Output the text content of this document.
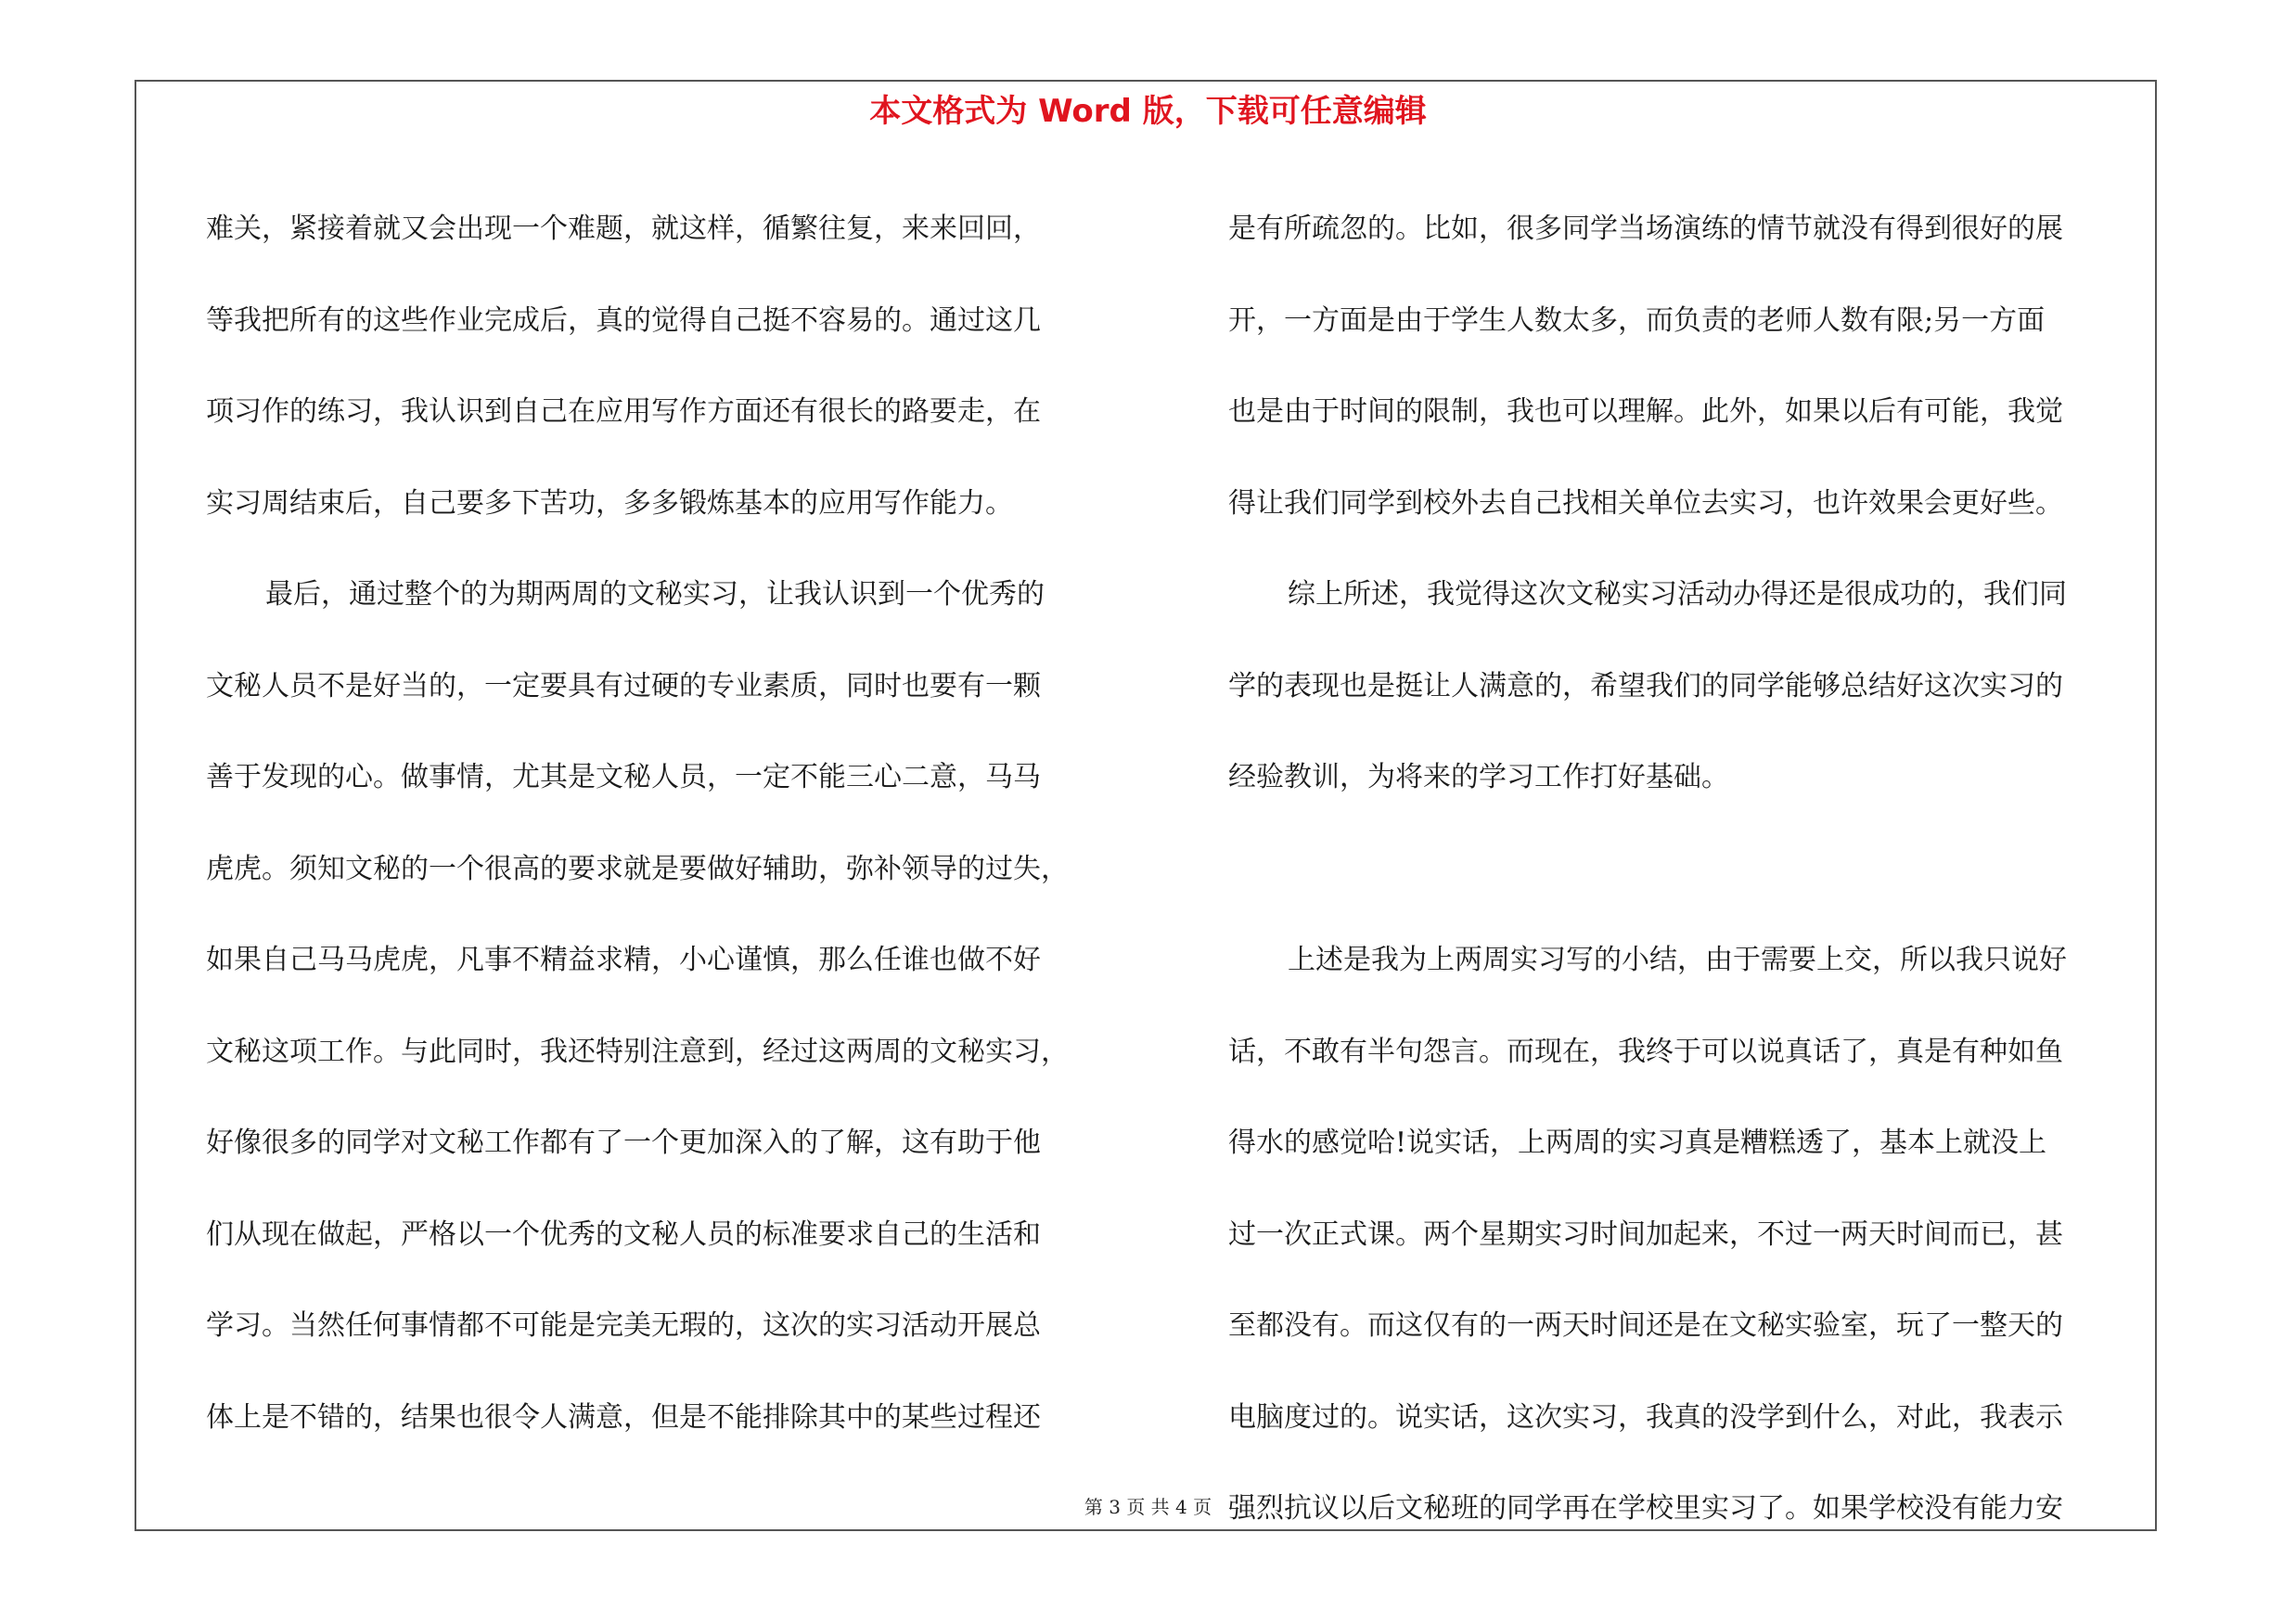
本文格式为 Word 版，下载可任意编辑
难关，紧接着就又会出现一个难题，就这样，循繁往复，来来回回，
等我把所有的这些作业完成后，真的觉得自己挺不容易的。通过这几
项习作的练习，我认识到自己在应用写作方面还有很长的路要走，在
实习周结束后，自己要多下苦功，多多锻炼基本的应用写作能力。
最后，通过整个的为期两周的文秘实习，让我认识到一个优秀的
文秘人员不是好当的，一定要具有过硬的专业素质，同时也要有一颗
善于发现的心。做事情，尤其是文秘人员，一定不能三心二意，马马
虎虎。须知文秘的一个很高的要求就是要做好辅助，弥补领导的过失，
如果自己马马虎虎，凡事不精益求精，小心谨慎，那么任谁也做不好
文秘这项工作。与此同时，我还特别注意到，经过这两周的文秘实习，
好像很多的同学对文秘工作都有了一个更加深入的了解，这有助于他
们从现在做起，严格以一个优秀的文秘人员的标准要求自己的生活和
学习。当然任何事情都不可能是完美无瑕的，这次的实习活动开展总
体上是不错的，结果也很令人满意，但是不能排除其中的某些过程还
是有所疏忽的。比如，很多同学当场演练的情节就没有得到很好的展
开，一方面是由于学生人数太多，而负责的老师人数有限;另一方面
也是由于时间的限制，我也可以理解。此外，如果以后有可能，我觉
得让我们同学到校外去自己找相关单位去实习，也许效果会更好些。
综上所述，我觉得这次文秘实习活动办得还是很成功的，我们同
学的表现也是挺让人满意的，希望我们的同学能够总结好这次实习的
经验教训，为将来的学习工作打好基础。
上述是我为上两周实习写的小结，由于需要上交，所以我只说好
话，不敢有半句怨言。而现在，我终于可以说真话了，真是有种如鱼
得水的感觉哈!说实话，上两周的实习真是糟糕透了，基本上就没上
过一次正式课。两个星期实习时间加起来，不过一两天时间而已，甚
至都没有。而这仅有的一两天时间还是在文秘实验室，玩了一整天的
电脑度过的。说实话，这次实习，我真的没学到什么，对此，我表示
强烈抗议以后文秘班的同学再在学校里实习了。如果学校没有能力安
第 3 页 共 4 页
